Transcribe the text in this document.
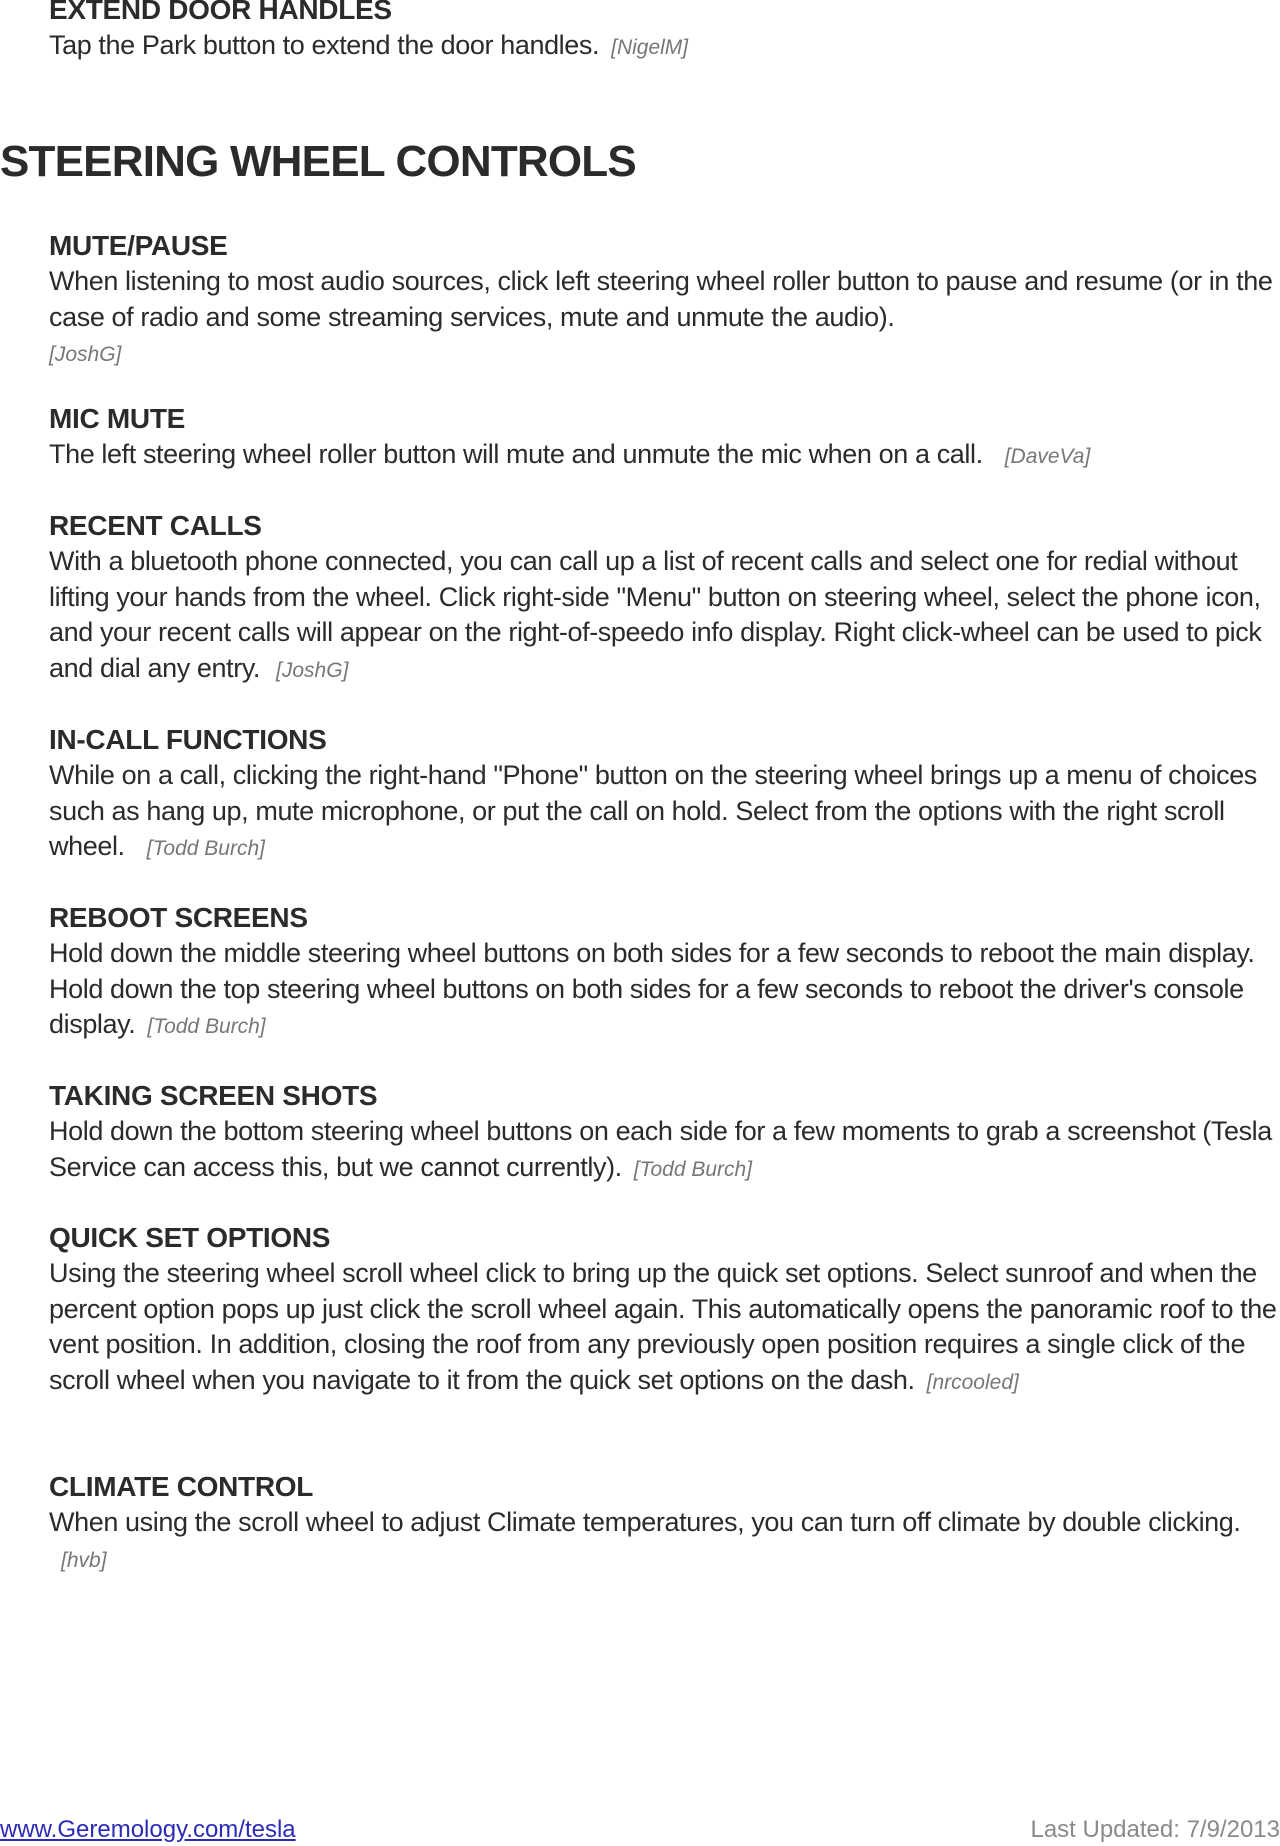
EXTEND DOOR HANDLES

Tap the Park button to extend the door handles. [NigelM]

STEERING WHEEL CONTROLS
MUTE/PAUSE

When listening to most audio sources, click left steering wheel roller button to pause and resume (or in the case of radio and some streaming services, mute and unmute the audio).
[JoshG]

MIC MUTE

The left steering wheel roller button will mute and unmute the mic when on a call. [DaveVa]

RECENT CALLS

With a bluetooth phone connected, you can call up a list of recent calls and select one for redial without lifting your hands from the wheel. Click right-side "Menu" button on steering wheel, select the phone icon, and your recent calls will appear on the right-of-speedo info display. Right click-wheel can be used to pick and dial any entry. [JoshG]

IN-CALL FUNCTIONS

While on a call, clicking the right-hand "Phone" button on the steering wheel brings up a menu of choices such as hang up, mute microphone, or put the call on hold. Select from the options with the right scroll wheel. [Todd Burch]

REBOOT SCREENS

Hold down the middle steering wheel buttons on both sides for a few seconds to reboot the main display. Hold down the top steering wheel buttons on both sides for a few seconds to reboot the driver's console display. [Todd Burch]

TAKING SCREEN SHOTS

Hold down the bottom steering wheel buttons on each side for a few moments to grab a screenshot (Tesla Service can access this, but we cannot currently). [Todd Burch]

QUICK SET OPTIONS

Using the steering wheel scroll wheel click to bring up the quick set options. Select sunroof and when the percent option pops up just click the scroll wheel again. This automatically opens the panoramic roof to the vent position. In addition, closing the roof from any previously open position requires a single click of the scroll wheel when you navigate to it from the quick set options on the dash. [nrcooled]

CLIMATE CONTROL

When using the scroll wheel to adjust Climate temperatures, you can turn off climate by double clicking.[hvb]

www.Geremology.com/tesla	Last Updated: 7/9/2013
